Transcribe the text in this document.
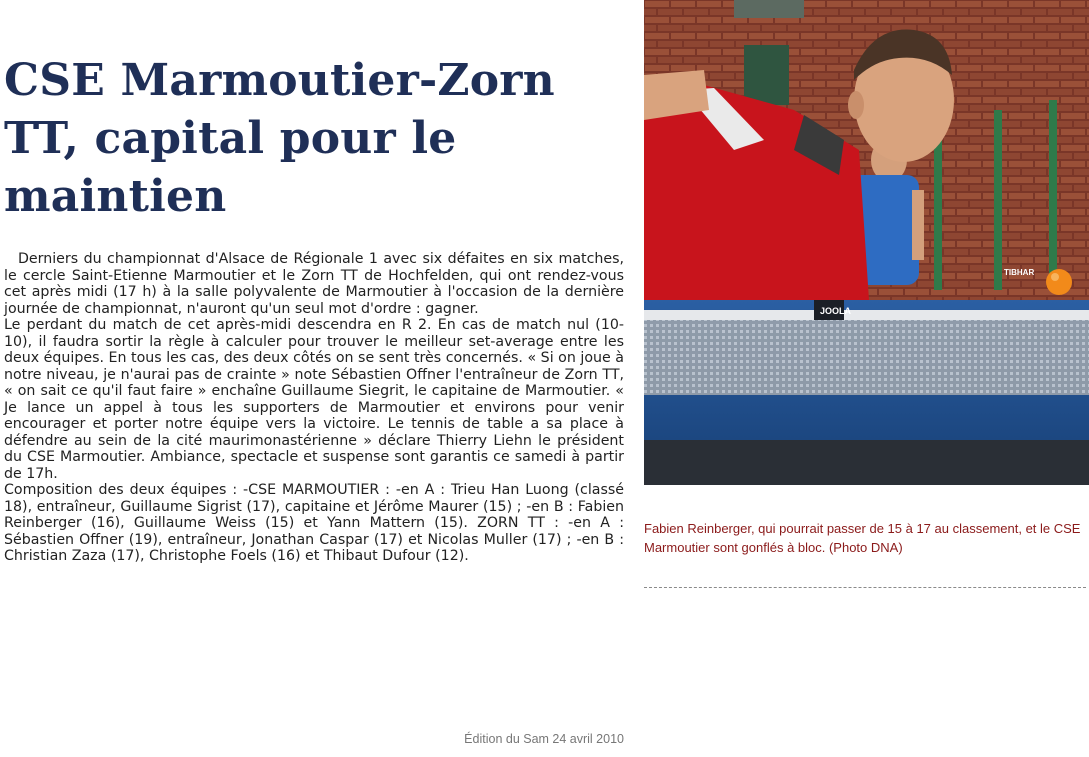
CSE Marmoutier-Zorn TT, capital pour le maintien

Derniers du championnat d'Alsace de Régionale 1 avec six défaites en six matches, le cercle Saint-Etienne Marmoutier et le Zorn TT de Hochfelden, qui ont rendez-vous cet après midi (17 h) à la salle polyvalente de Marmoutier à l'occasion de la dernière journée de championnat, n'auront qu'un seul mot d'ordre : gagner.

Le perdant du match de cet après-midi descendra en R 2. En cas de match nul (10-10), il faudra sortir la règle à calculer pour trouver le meilleur set-average entre les deux équipes. En tous les cas, des deux côtés on se sent très concernés. « Si on joue à notre niveau, je n'aurai pas de crainte » note Sébastien Offner l'entraîneur de Zorn TT, « on sait ce qu'il faut faire » enchaîne Guillaume Siegrit, le capitaine de Marmoutier. « Je lance un appel à tous les supporters de Marmoutier et environs pour venir encourager et porter notre équipe vers la victoire. Le tennis de table a sa place à défendre au sein de la cité maurimonastérienne » déclare Thierry Liehn le président du CSE Marmoutier. Ambiance, spectacle et suspense sont garantis ce samedi à partir de 17h.

Composition des deux équipes : -CSE MARMOUTIER : -en A : Trieu Han Luong (classé 18), entraîneur, Guillaume Sigrist (17), capitaine et Jérôme Maurer (15) ; -en B : Fabien Reinberger (16), Guillaume Weiss (15) et Yann Mattern (15). ZORN TT : -en A : Sébastien Offner (19), entraîneur, Jonathan Caspar (17) et Nicolas Muller (17) ; -en B : Christian Zaza (17), Christophe Foels (16) et Thibaut Dufour (12).

Édition du Sam 24 avril 2010
JOOLA
TIBHAR
Fabien Reinberger, qui pourrait passer de 15 à 17 au classement, et le CSE Marmoutier sont gonflés à bloc. (Photo DNA)
